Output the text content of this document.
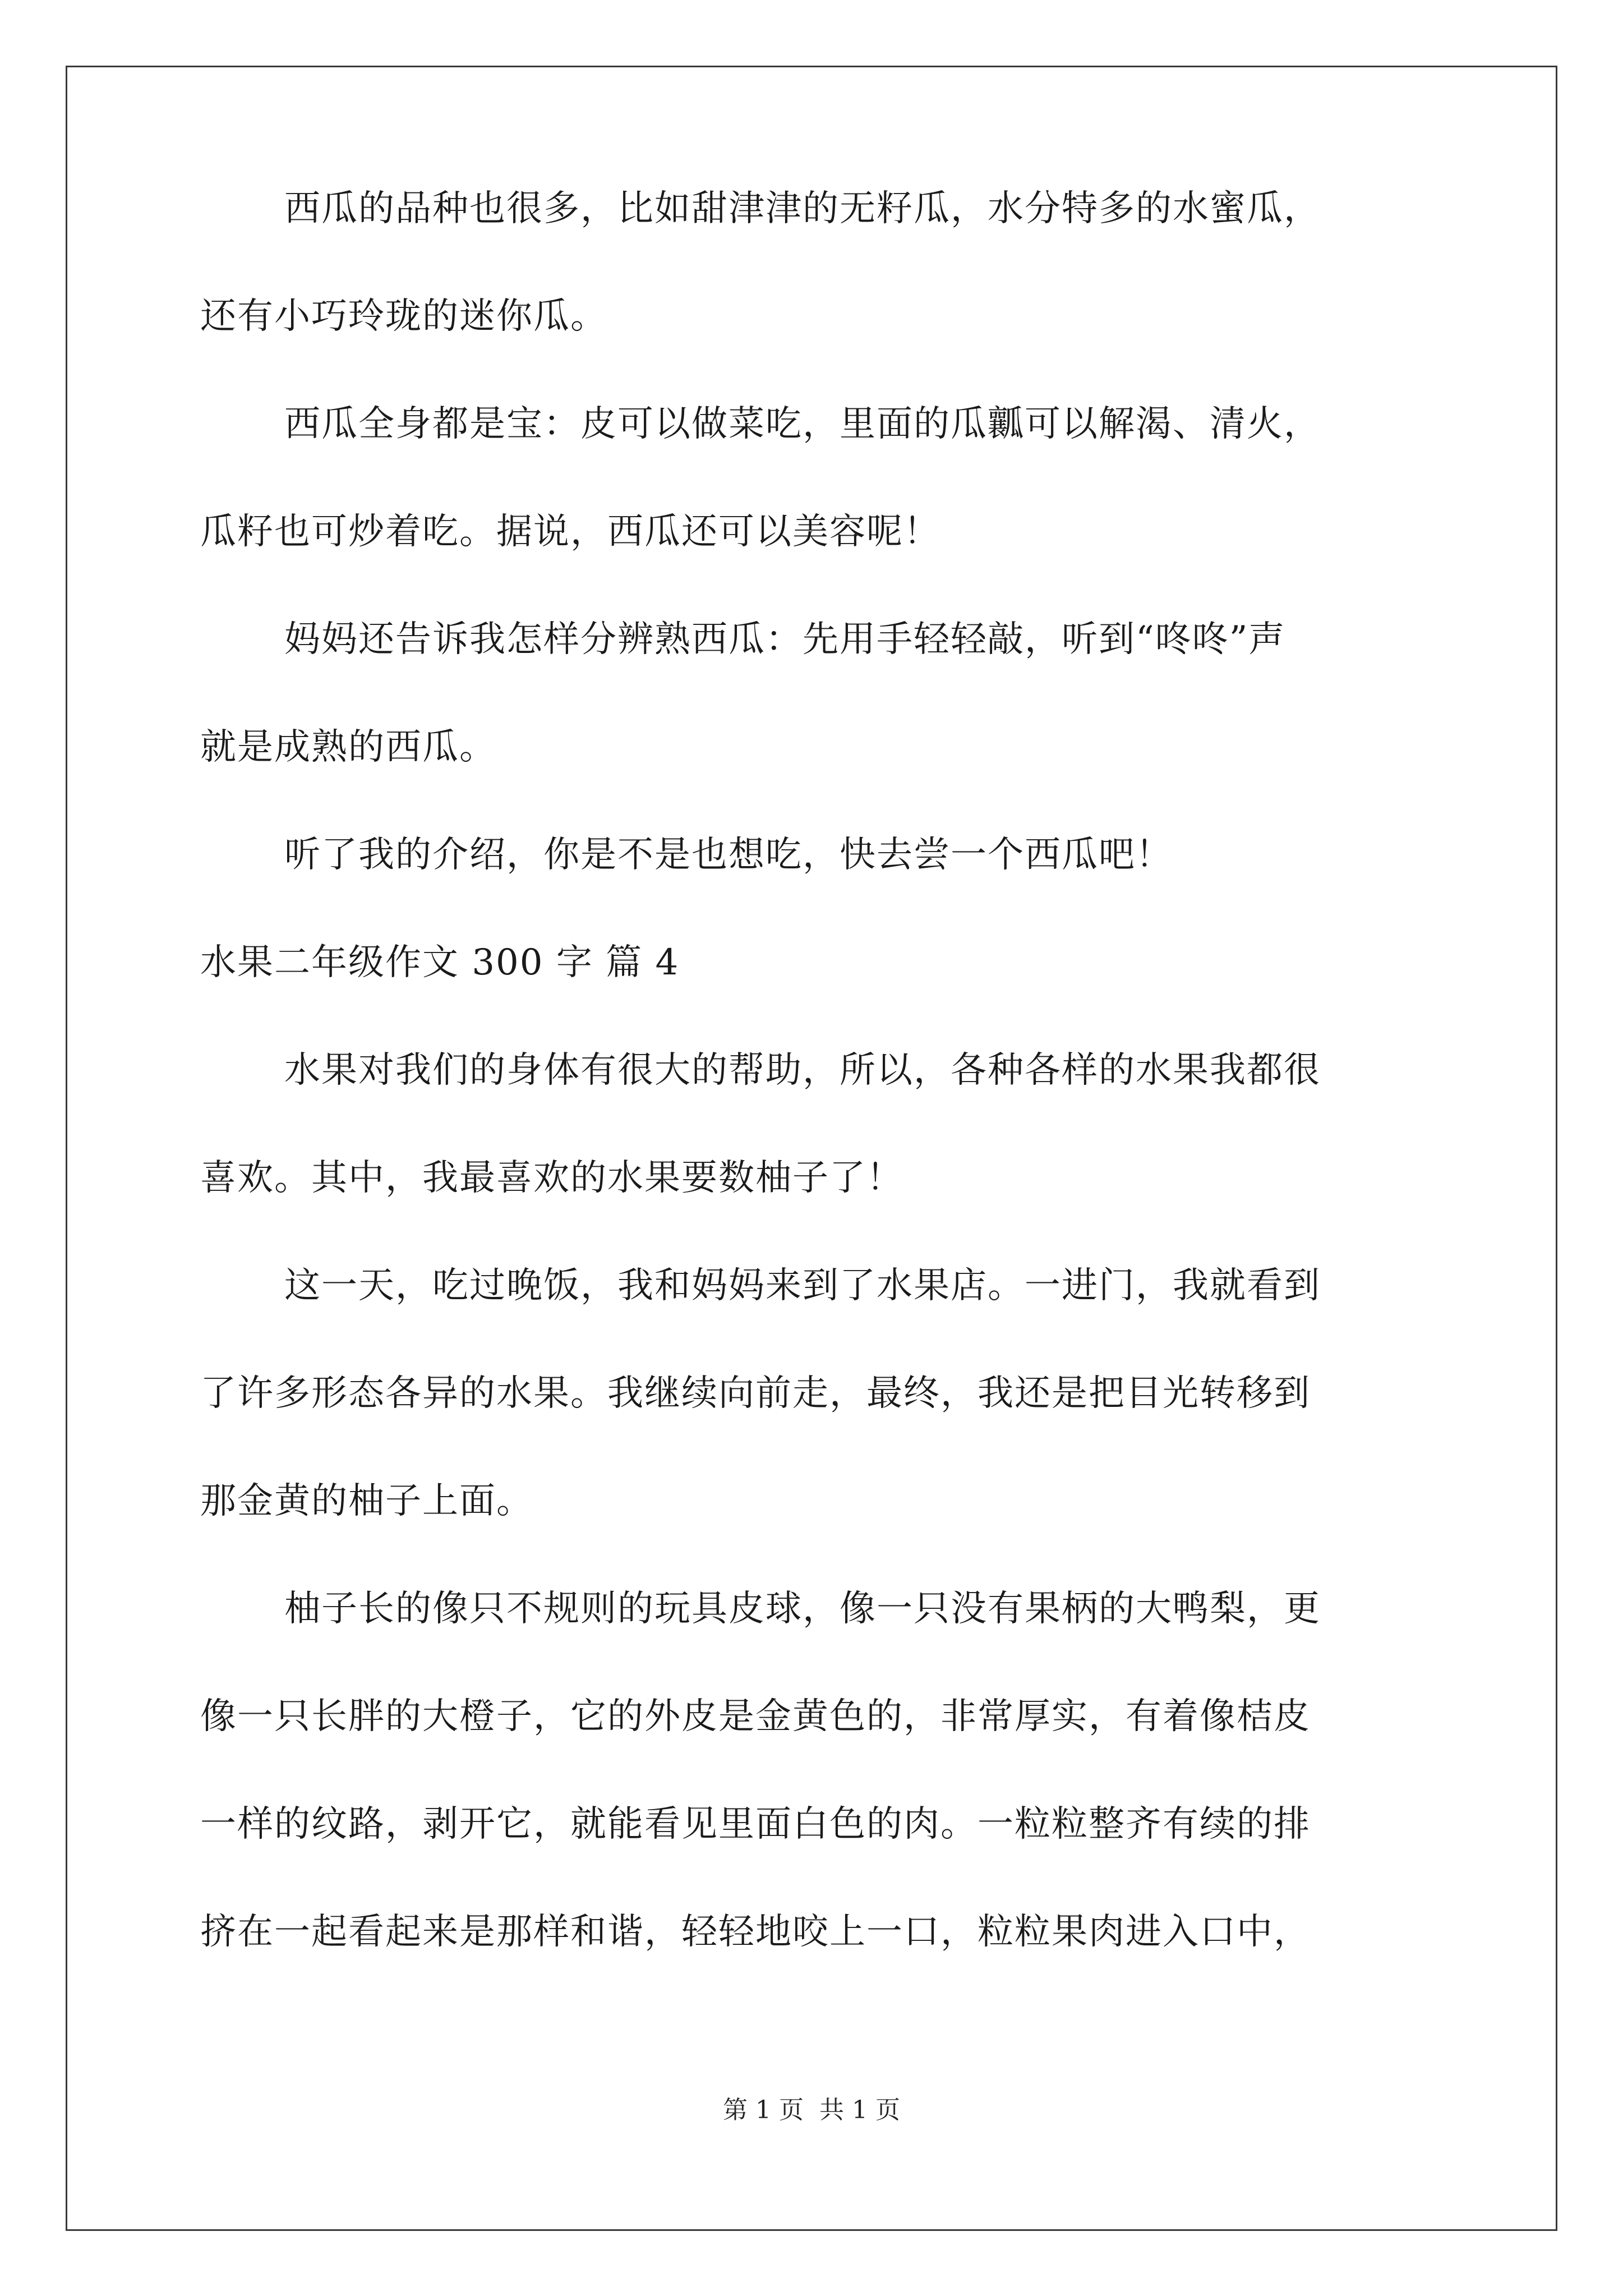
西瓜的品种也很多，比如甜津津的无籽瓜，水分特多的水蜜瓜，
还有小巧玲珑的迷你瓜。
西瓜全身都是宝：皮可以做菜吃，里面的瓜瓤可以解渴、清火，
瓜籽也可炒着吃。据说，西瓜还可以美容呢！
妈妈还告诉我怎样分辨熟西瓜：先用手轻轻敲，听到“咚咚”声
就是成熟的西瓜。
听了我的介绍，你是不是也想吃，快去尝一个西瓜吧！
水果二年级作文 300 字 篇 4
水果对我们的身体有很大的帮助，所以，各种各样的水果我都很
喜欢。其中，我最喜欢的水果要数柚子了！
这一天，吃过晚饭，我和妈妈来到了水果店。一进门，我就看到
了许多形态各异的水果。我继续向前走，最终，我还是把目光转移到
那金黄的柚子上面。
柚子长的像只不规则的玩具皮球，像一只没有果柄的大鸭梨，更
像一只长胖的大橙子，它的外皮是金黄色的，非常厚实，有着像桔皮
一样的纹路，剥开它，就能看见里面白色的肉。一粒粒整齐有续的排
挤在一起看起来是那样和谐，轻轻地咬上一口，粒粒果肉进入口中，
第 1 页 共 1 页
